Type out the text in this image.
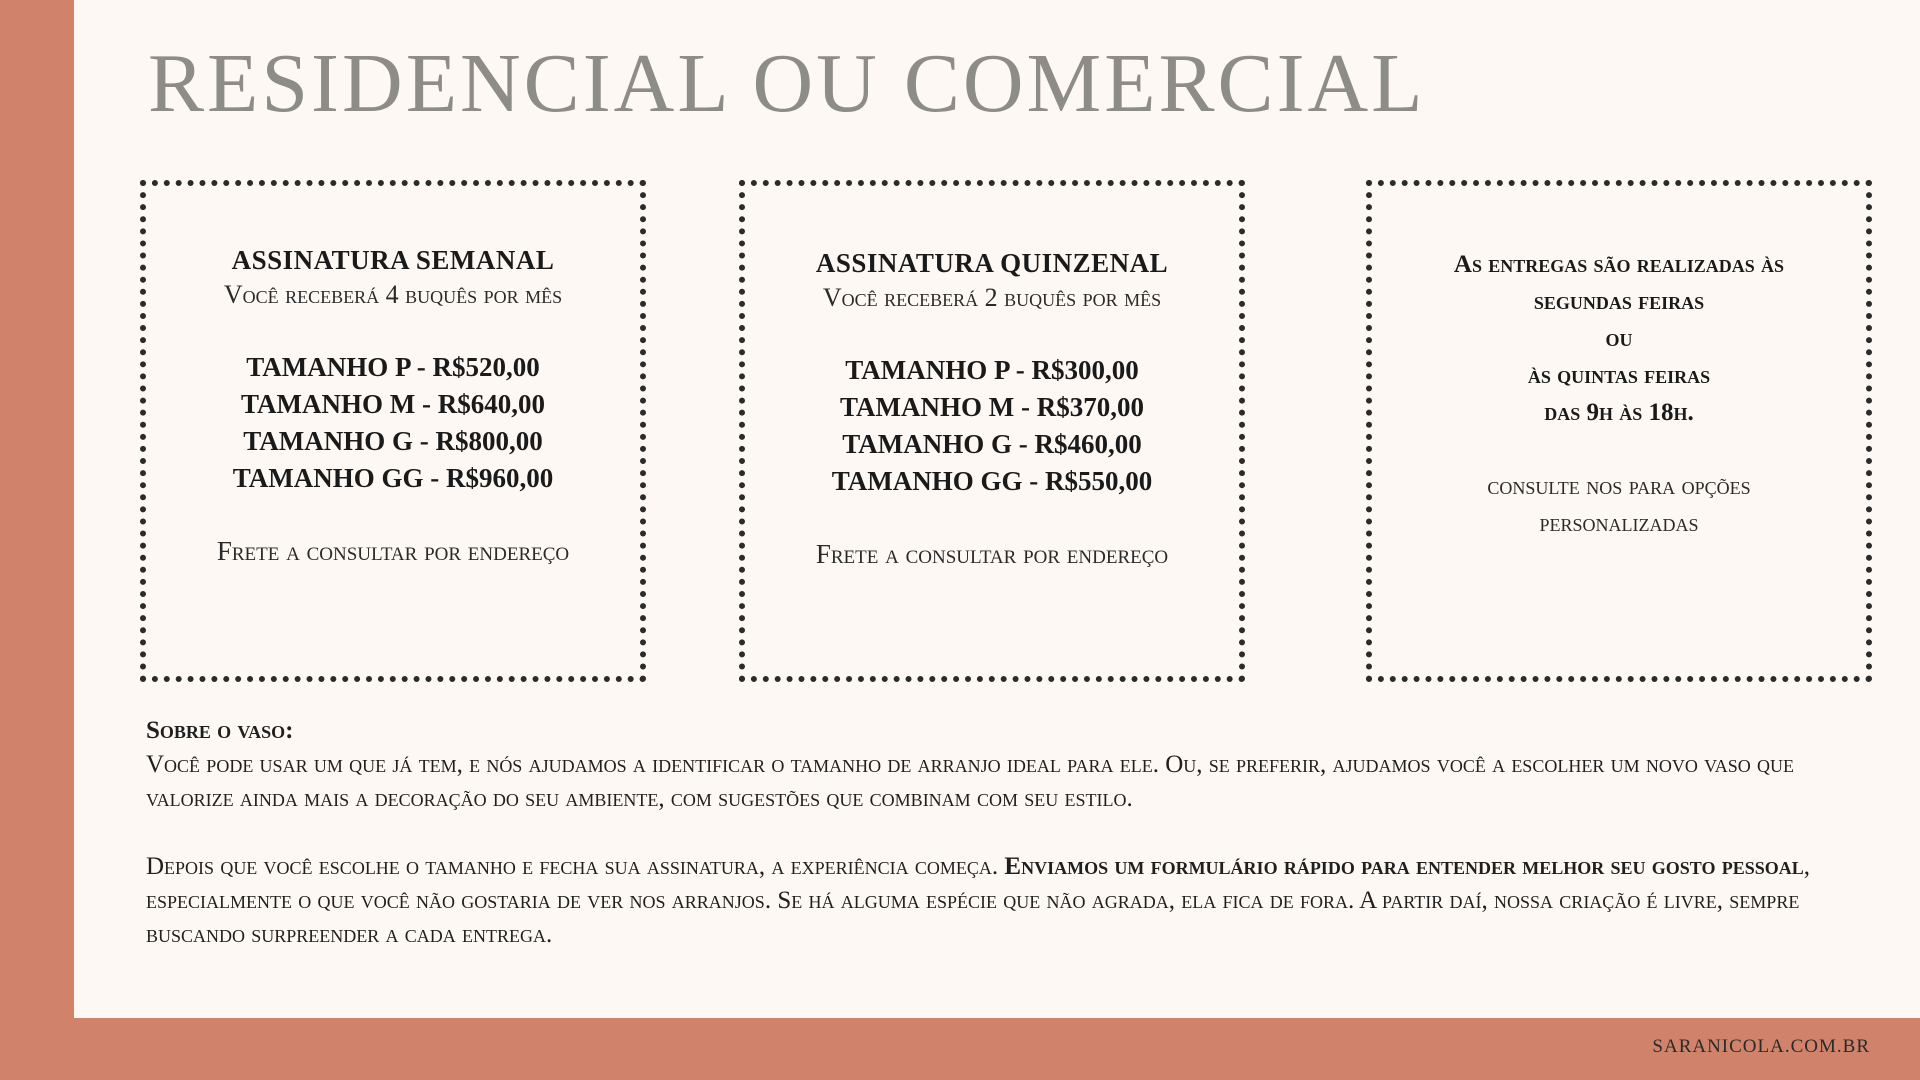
RESIDENCIAL OU COMERCIAL
ASSINATURA SEMANAL
Você receberá 4 buquês por mês
TAMANHO P - R$520,00
TAMANHO M - R$640,00
TAMANHO G - R$800,00
TAMANHO GG - R$960,00
Frete a consultar por endereço
ASSINATURA QUINZENAL
Você receberá 2 buquês por mês
TAMANHO P - R$300,00
TAMANHO M - R$370,00
TAMANHO G - R$460,00
TAMANHO GG - R$550,00
Frete a consultar por endereço
As entregas são realizadas às
segundas feiras
ou
às quintas feiras
das 9h às 18h.
consulte nos para opções personalizadas
Sobre o vaso:

Você pode usar um que já tem, e nós ajudamos a identificar o tamanho de arranjo ideal para ele. Ou, se preferir, ajudamos você a escolher um novo vaso que valorize ainda mais a decoração do seu ambiente, com sugestões que combinam com seu estilo.

Depois que você escolhe o tamanho e fecha sua assinatura, a experiência começa. Enviamos um formulário rápido para entender melhor seu gosto pessoal, especialmente o que você não gostaria de ver nos arranjos. Se há alguma espécie que não agrada, ela fica de fora. A partir daí, nossa criação é livre, sempre buscando surpreender a cada entrega.

SARANICOLA.COM.BR
